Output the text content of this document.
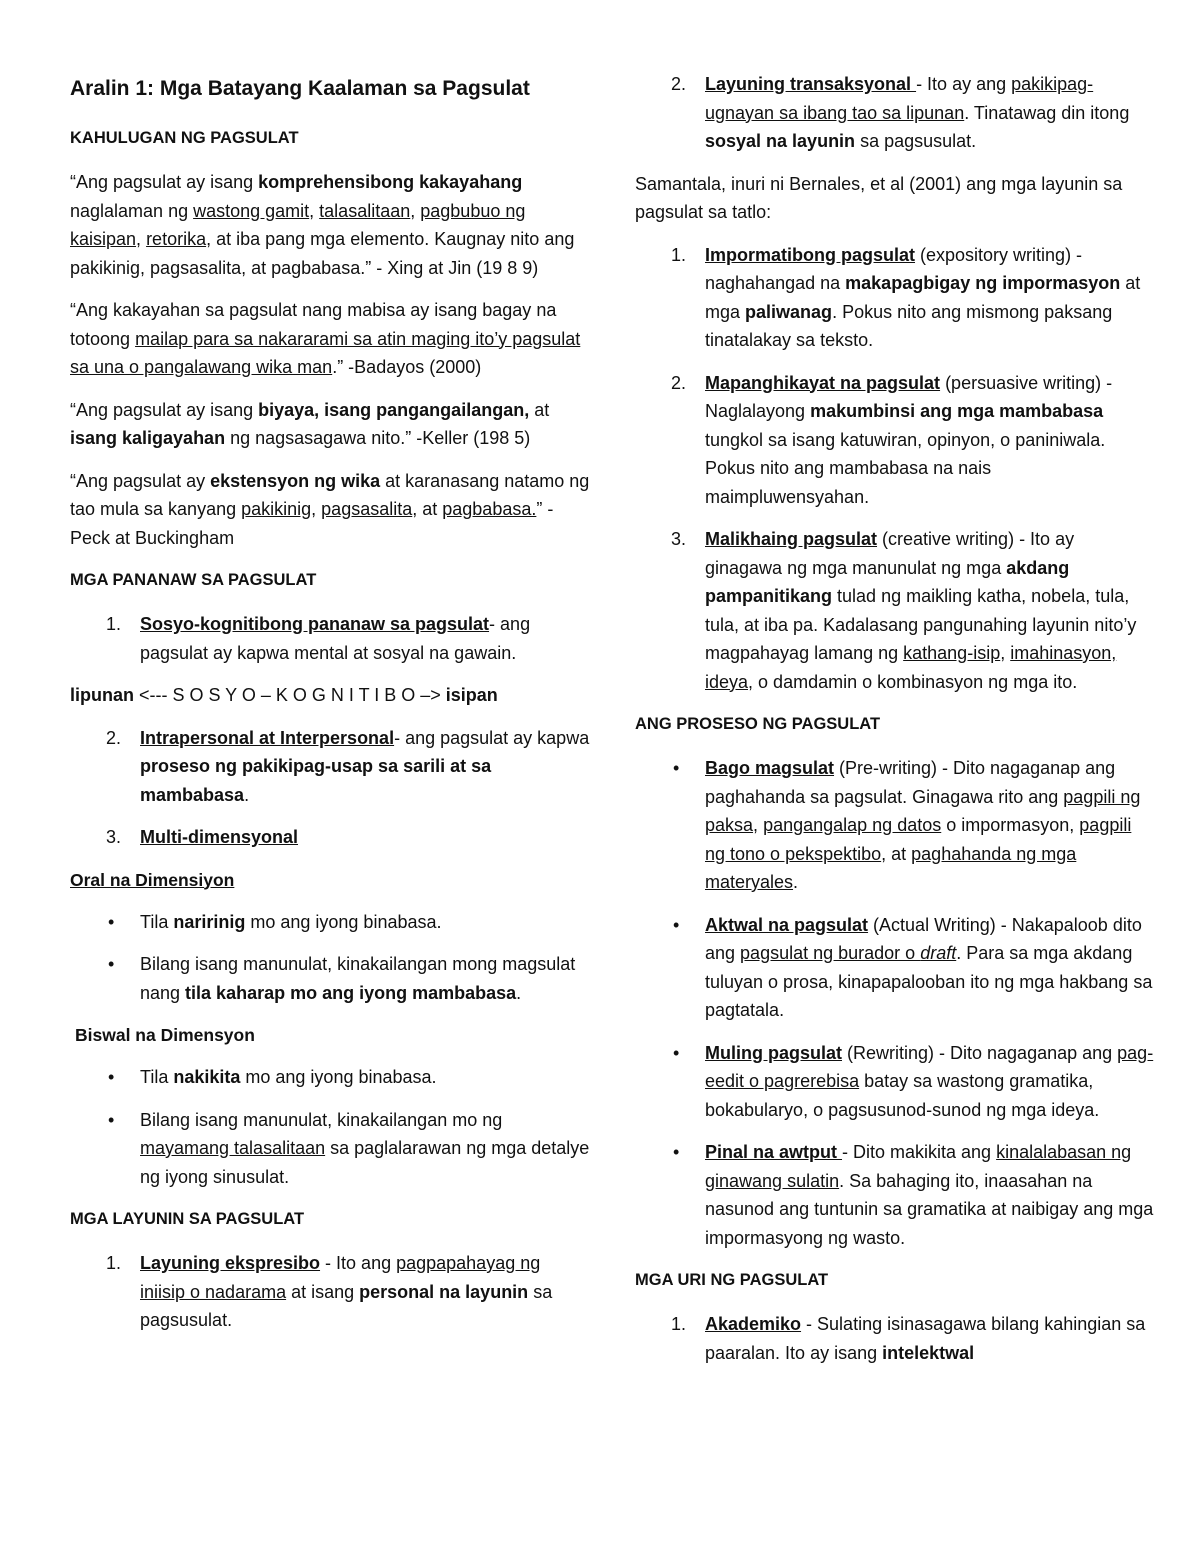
Aralin 1: Mga Batayang Kaalaman sa Pagsulat
KAHULUGAN NG PAGSULAT
“Ang pagsulat ay isang komprehensibong kakayahang naglalaman ng wastong gamit, talasalitaan, pagbubuo ng kaisipan, retorika, at iba pang mga elemento. Kaugnay nito ang pakikinig, pagsasalita, at pagbabasa.” - Xing at Jin (19 8 9)
“Ang kakayahan sa pagsulat nang mabisa ay isang bagay na totoong mailap para sa nakararami sa atin maging ito’y pagsulat sa una o pangalawang wika man.” -Badayos (2000)
“Ang pagsulat ay isang biyaya, isang pangangailangan, at isang kaligayahan ng nagsasagawa nito.” -Keller (198 5)
“Ang pagsulat ay ekstensyon ng wika at karanasang natamo ng tao mula sa kanyang pakikinig, pagsasalita, at pagbabasa.” -Peck at Buckingham
MGA PANANAW SA PAGSULAT
1. Sosyo-kognitibong pananaw sa pagsulat- ang pagsulat ay kapwa mental at sosyal na gawain.
lipunan <--- S O S Y O – K O G N I T I B O –> isipan
2. Intrapersonal at Interpersonal- ang pagsulat ay kapwa proseso ng pakikipag-usap sa sarili at sa mambabasa.
3. Multi-dimensyonal
Oral na Dimensiyon
• Tila naririnig mo ang iyong binabasa.
• Bilang isang manunulat, kinakailangan mong magsulat nang tila kaharap mo ang iyong mambabasa.
Biswal na Dimensyon
• Tila nakikita mo ang iyong binabasa.
• Bilang isang manunulat, kinakailangan mo ng mayamang talasalitaan sa paglalarawan ng mga detalye ng iyong sinusulat.
MGA LAYUNIN SA PAGSULAT
1. Layuning ekspresibo - Ito ang pagpapahayag ng iniisip o nadarama at isang personal na layunin sa pagsusulat.
2. Layuning transaksyonal - Ito ay ang pakikipag-ugnayan sa ibang tao sa lipunan. Tinatawag din itong sosyal na layunin sa pagsusulat.
Samantala, inuri ni Bernales, et al (2001) ang mga layunin sa pagsulat sa tatlo:
1. Impormatibong pagsulat (expository writing) - naghahangad na makapagbigay ng impormasyon at mga paliwanag. Pokus nito ang mismong paksang tinatalakay sa teksto.
2. Mapanghikayat na pagsulat (persuasive writing) - Naglalayong makumbinsi ang mga mambabasa tungkol sa isang katuwiran, opinyon, o paniniwala. Pokus nito ang mambabasa na nais maimpluwensyahan.
3. Malikhaing pagsulat (creative writing) - Ito ay ginagawa ng mga manunulat ng mga akdang pampanitikang tulad ng maikling katha, nobela, tula, tula, at iba pa. Kadalasang pangunahing layunin nito’y magpahayag lamang ng kathang-isip, imahinasyon, ideya, o damdamin o kombinasyon ng mga ito.
ANG PROSESO NG PAGSULAT
• Bago magsulat (Pre-writing) - Dito nagaganap ang paghahanda sa pagsulat. Ginagawa rito ang pagpili ng paksa, pangangalap ng datos o impormasyon, pagpili ng tono o pekspektibo, at paghahanda ng mga materyales.
• Aktwal na pagsulat (Actual Writing) - Nakapaloob dito ang pagsulat ng burador o draft. Para sa mga akdang tuluyan o prosa, kinapapalooban ito ng mga hakbang sa pagtatala.
• Muling pagsulat (Rewriting) - Dito nagaganap ang pag-eedit o pagrerebisa batay sa wastong gramatika, bokabularyo, o pagsusunod-sunod ng mga ideya.
• Pinal na awtput - Dito makikita ang kinalalabasan ng ginawang sulatin. Sa bahaging ito, inaasahan na nasunod ang tuntunin sa gramatika at naibigay ang mga impormasyong ng wasto.
MGA URI NG PAGSULAT
1. Akademiko - Sulating isinasagawa bilang kahingian sa paaralan. Ito ay isang intelektwal
